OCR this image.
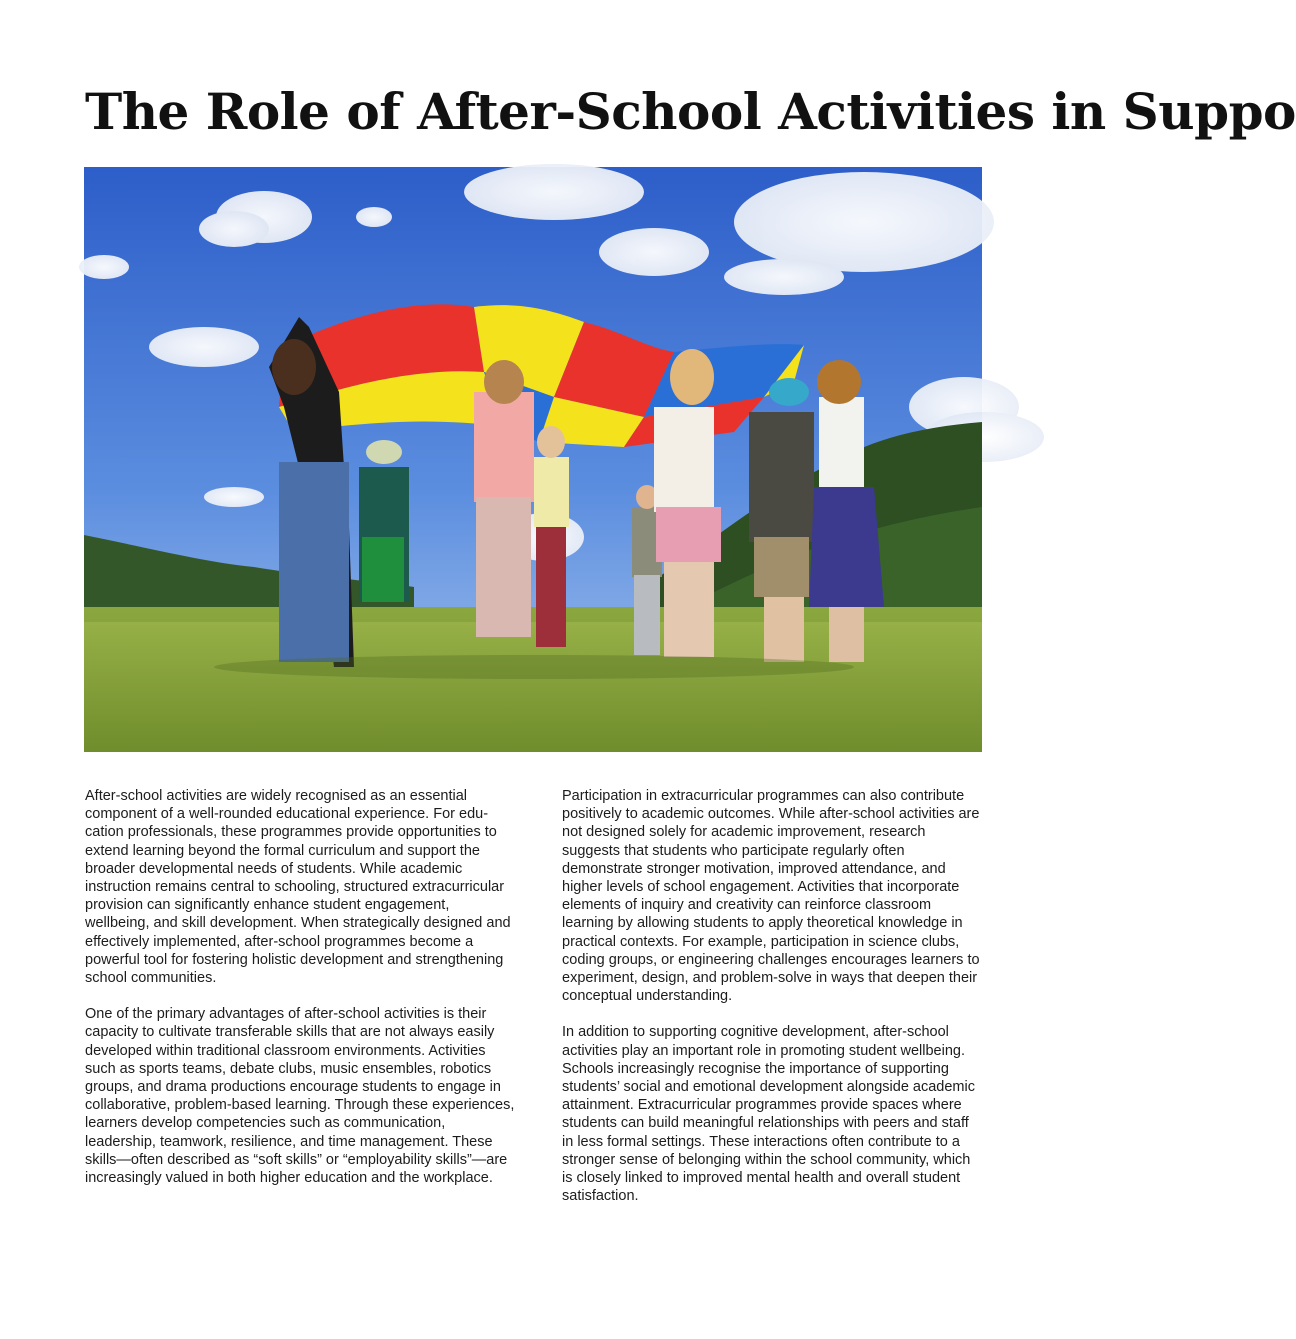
The Role of After-School Activities in Suppo

After-school activities are widely recognised as an essential component of a well-rounded educational experience. For education professionals, these programmes provide opportunities to extend learning beyond the formal curriculum and support the broader developmental needs of students. While academic instruction remains central to schooling, structured extracurricular provision can significantly enhance student engagement, wellbeing, and skill development. When strategically designed and effectively implemented, after-school programmes become a powerful tool for fostering holistic development and strengthening school communities.

One of the primary advantages of after-school activities is their capacity to cultivate transferable skills that are not always easily developed within traditional classroom environments. Activities such as sports teams, debate clubs, music ensembles, robotics groups, and drama productions encourage students to engage in collaborative, problem-based learning. Through these experiences, learners develop competencies such as communication, leadership, teamwork, resilience, and time management. These skills—often described as “soft skills” or “employability skills”—are increasingly valued in both higher education and the workplace.

Participation in extracurricular programmes can also contribute positively to academic outcomes. While after-school activities are not designed solely for academic improvement, research suggests that students who participate regularly often demonstrate stronger motivation, improved attendance, and higher levels of school engagement. Activities that incorporate elements of inquiry and creativity can reinforce classroom learning by allowing students to apply theoretical knowledge in practical contexts. For example, participation in science clubs, coding groups, or engineering challenges encourages learners to experiment, design, and problem-solve in ways that deepen their conceptual understanding.

In addition to supporting cognitive development, after-school activities play an important role in promoting student wellbeing. Schools increasingly recognise the importance of supporting students’ social and emotional development alongside academic attainment. Extracurricular programmes provide spaces where students can build meaningful relationships with peers and staff in less formal settings. These interactions often contribute to a stronger sense of belonging within the school community, which is closely linked to improved mental health and overall student satisfaction.
